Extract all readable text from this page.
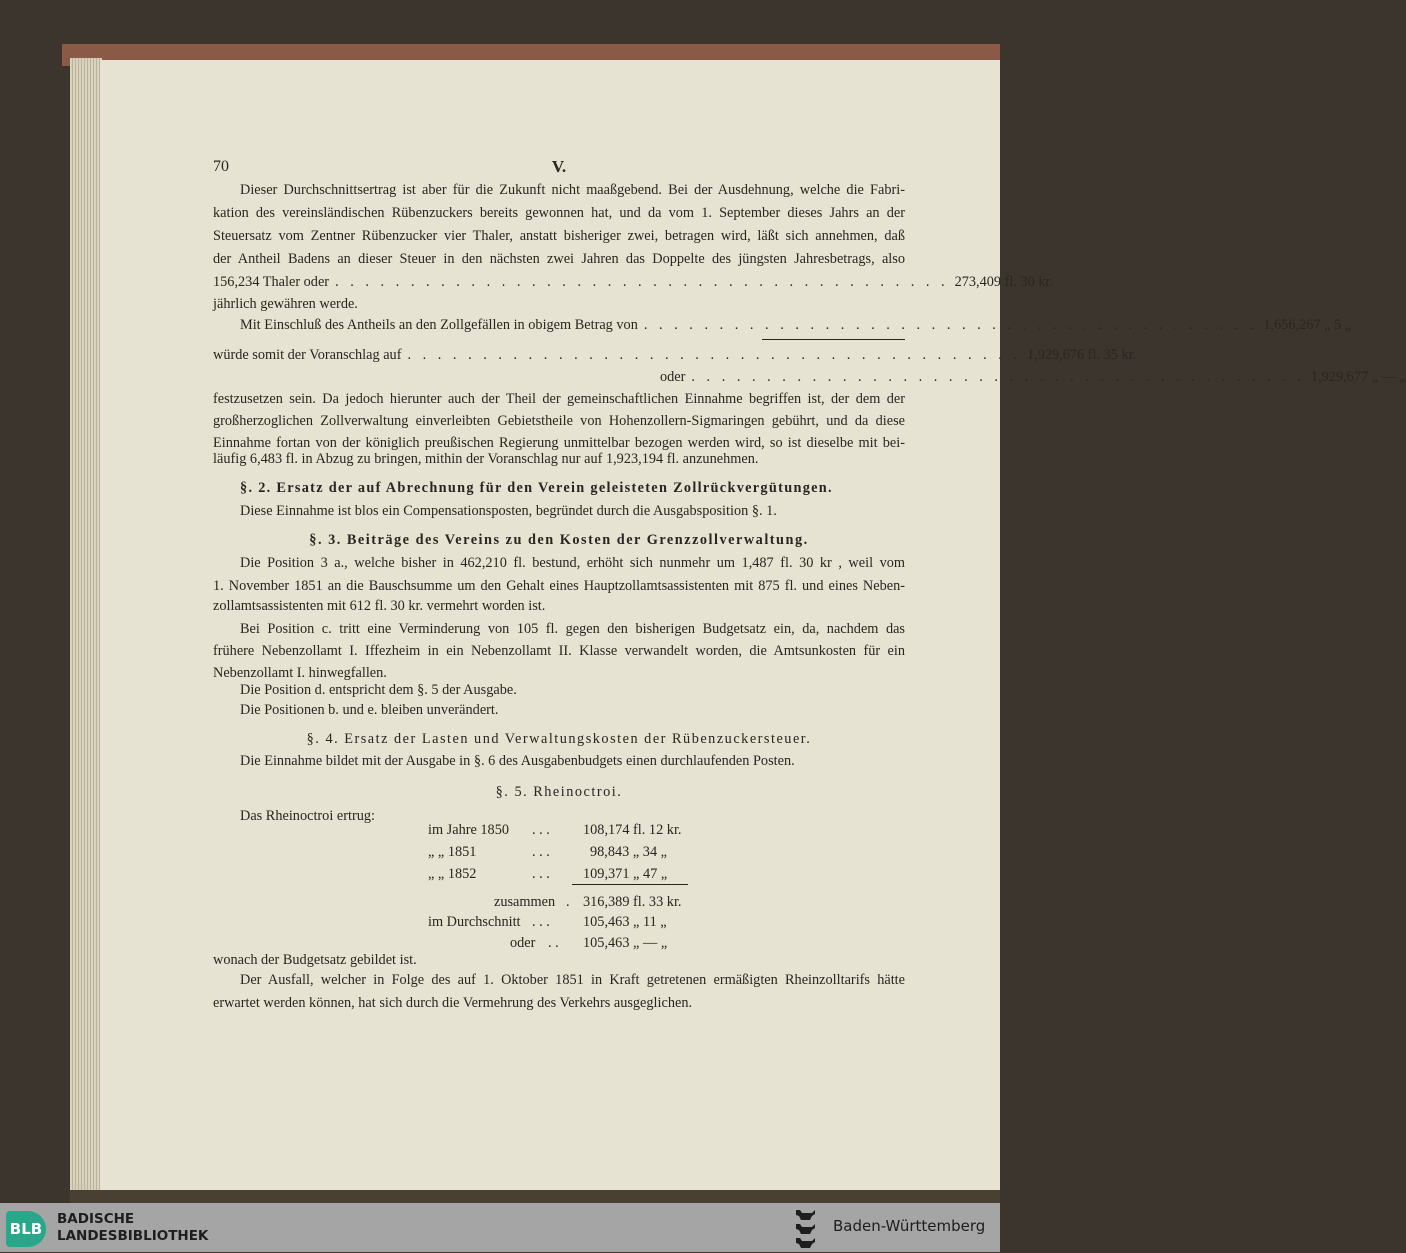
70	V.
Dieser Durchschnittsertrag ist aber für die Zukunft nicht maaßgebend. Bei der Ausdehnung, welche die Fabri-
kation des vereinsländischen Rübenzuckers bereits gewonnen hat, und da vom 1. September dieses Jahrs an der
Steuersatz vom Zentner Rübenzucker vier Thaler, anstatt bisheriger zwei, betragen wird, läßt sich annehmen, daß
der Antheil Badens an dieser Steuer in den nächsten zwei Jahren das Doppelte des jüngsten Jahresbetrags, also
156,234 Thaler oder . . . . . . . . . . . . . . . . . . . . . . . . . . . . . . . . . . . . . . . . . 273,409 fl. 30 kr.
jährlich gewähren werde.
Mit Einschluß des Antheils an den Zollgefällen in obigem Betrag von . . . . . . . . . . . . . . . . . . . . . . . . . . . . . . . . . . . . . . . . . 1,656,267 „ 5 „
würde somit der Voranschlag auf . . . . . . . . . . . . . . . . . . . . . . . . . . . . . . . . . . . . . . . . . 1,929,676 fl. 35 kr.
oder . . . . . . . . . . . . . . . . . . . . . . . . . . . . . . . . . . . . . . . . . 1,929,677 „ — „
festzusetzen sein. Da jedoch hierunter auch der Theil der gemeinschaftlichen Einnahme begriffen ist, der dem der
großherzoglichen Zollverwaltung einverleibten Gebietstheile von Hohenzollern-Sigmaringen gebührt, und da diese
Einnahme fortan von der königlich preußischen Regierung unmittelbar bezogen werden wird, so ist dieselbe mit bei-
läufig 6,483 fl. in Abzug zu bringen, mithin der Voranschlag nur auf 1,923,194 fl. anzunehmen.
§. 2. Ersatz der auf Abrechnung für den Verein geleisteten Zollrückvergütungen.
Diese Einnahme ist blos ein Compensationsposten, begründet durch die Ausgabsposition §. 1.
§. 3. Beiträge des Vereins zu den Kosten der Grenzzollverwaltung.
Die Position 3 a., welche bisher in 462,210 fl. bestund, erhöht sich nunmehr um 1,487 fl. 30 kr , weil vom
1. November 1851 an die Bauschsumme um den Gehalt eines Hauptzollamtsassistenten mit 875 fl. und eines Neben-
zollamtsassistenten mit 612 fl. 30 kr. vermehrt worden ist.
Bei Position c. tritt eine Verminderung von 105 fl. gegen den bisherigen Budgetsatz ein, da, nachdem das
frühere Nebenzollamt I. Iffezheim in ein Nebenzollamt II. Klasse verwandelt worden, die Amtsunkosten für ein
Nebenzollamt I. hinwegfallen.
Die Position d. entspricht dem §. 5 der Ausgabe.
Die Positionen b. und e. bleiben unverändert.
§. 4. Ersatz der Lasten und Verwaltungskosten der Rübenzuckersteuer.
Die Einnahme bildet mit der Ausgabe in §. 6 des Ausgabenbudgets einen durchlaufenden Posten.
§. 5. Rheinoctroi.
Das Rheinoctroi ertrug:
im Jahre 1850 . . . 108,174 fl. 12 kr.
„ „ 1851	. . .	98,843 „ 34 „
„ „ 1852	. . . 109,371 „ 47 „
zusammen . 316,389 fl. 33 kr.
im Durchschnitt . . . 105,463 „ 11 „
oder . . 105,463 „ — „
wonach der Budgetsatz gebildet ist.
Der Ausfall, welcher in Folge des auf 1. Oktober 1851 in Kraft getretenen ermäßigten Rheinzolltarifs hätte
erwartet werden können, hat sich durch die Vermehrung des Verkehrs ausgeglichen.
BLB
BADISCHE
LANDESBIBLIOTHEK
Baden-Württemberg
